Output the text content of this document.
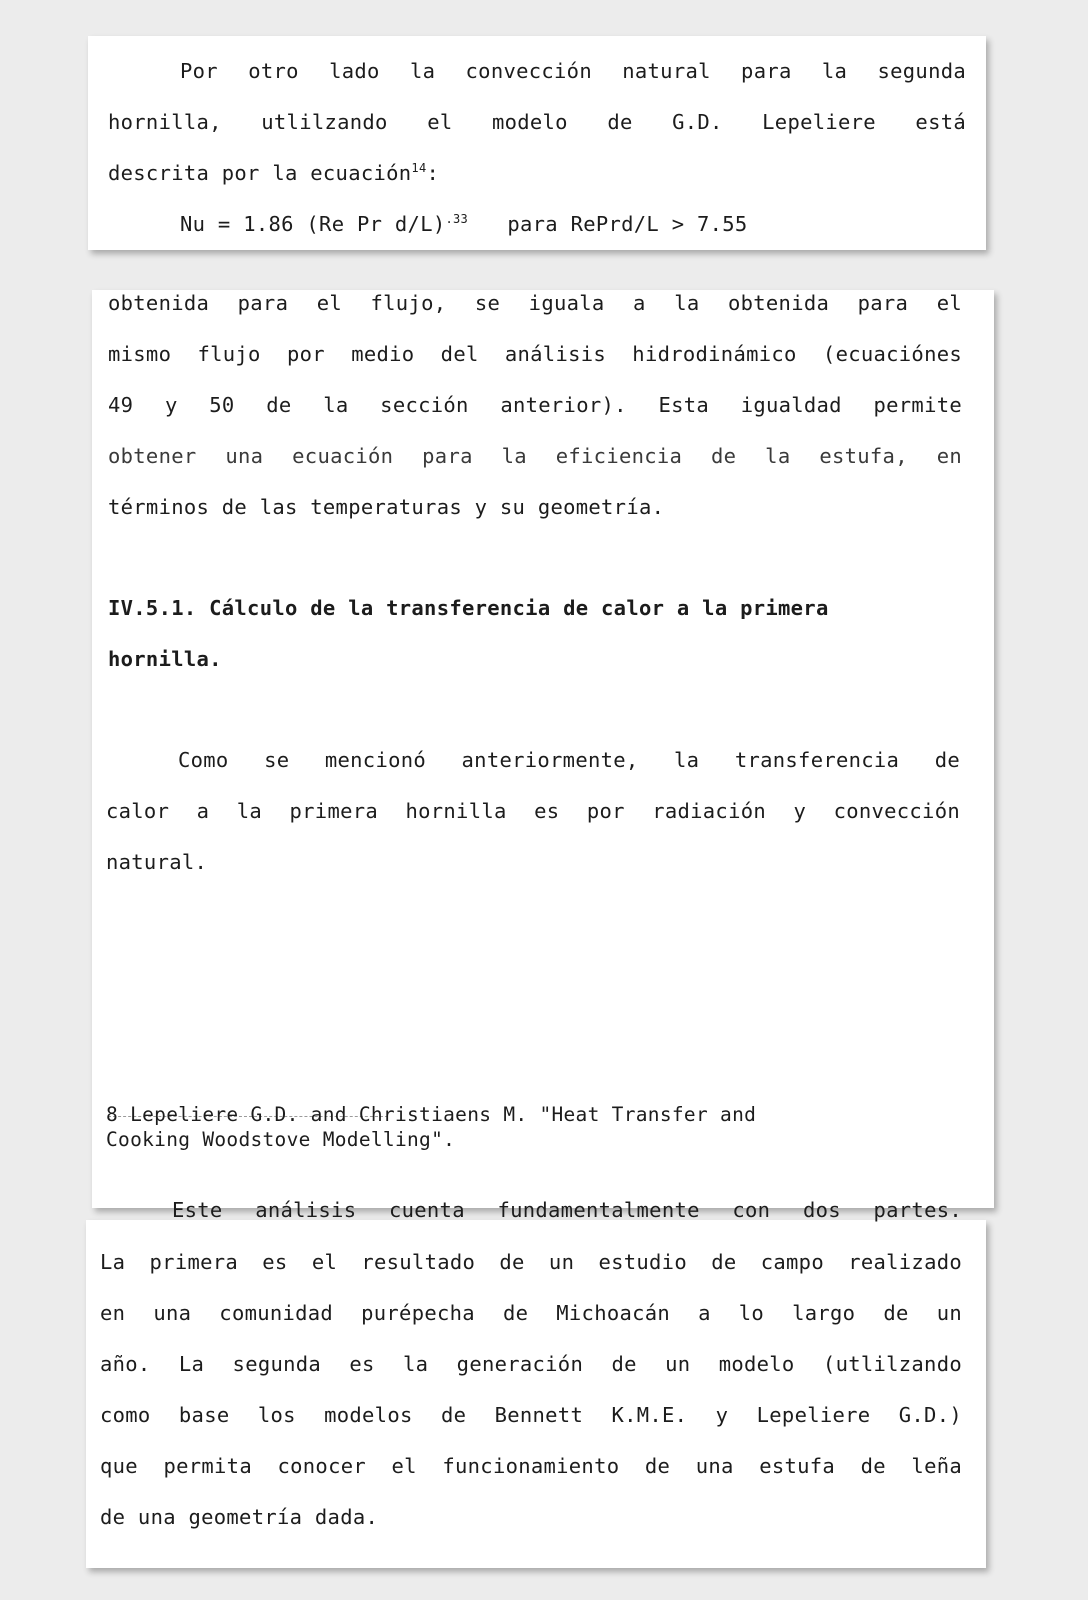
Por otro lado la convección natural para la segunda
hornilla, utlilzando el modelo de G.D. Lepeliere está
descrita por la ecuación$^{14}$:
Nu = 1.86 (Re Pr d/L)$^{.33}$ para RePrd/L > 7.55
obtenida para el flujo, se iguala a la obtenida para el
mismo flujo por medio del análisis hidrodinámico (ecuaciónes
49 y 50 de la sección anterior). Esta igualdad permite
obtener una ecuación para la eficiencia de la estufa, en
términos de las temperaturas y su geometría.
IV.5.1. Cálculo de la transferencia de calor a la primera
hornilla.
Como se mencionó anteriormente, la transferencia de
calor a la primera hornilla es por radiación y convección
natural.
8 Lepeliere G.D. and Christiaens M. "Heat Transfer and
Cooking Woodstove Modelling".
Este análisis cuenta fundamentalmente con dos partes.
La primera es el resultado de un estudio de campo realizado
en una comunidad purépecha de Michoacán a lo largo de un
año. La segunda es la generación de un modelo (utlilzando
como base los modelos de Bennett K.M.E. y Lepeliere G.D.)
que permita conocer el funcionamiento de una estufa de leña
de una geometría dada.
